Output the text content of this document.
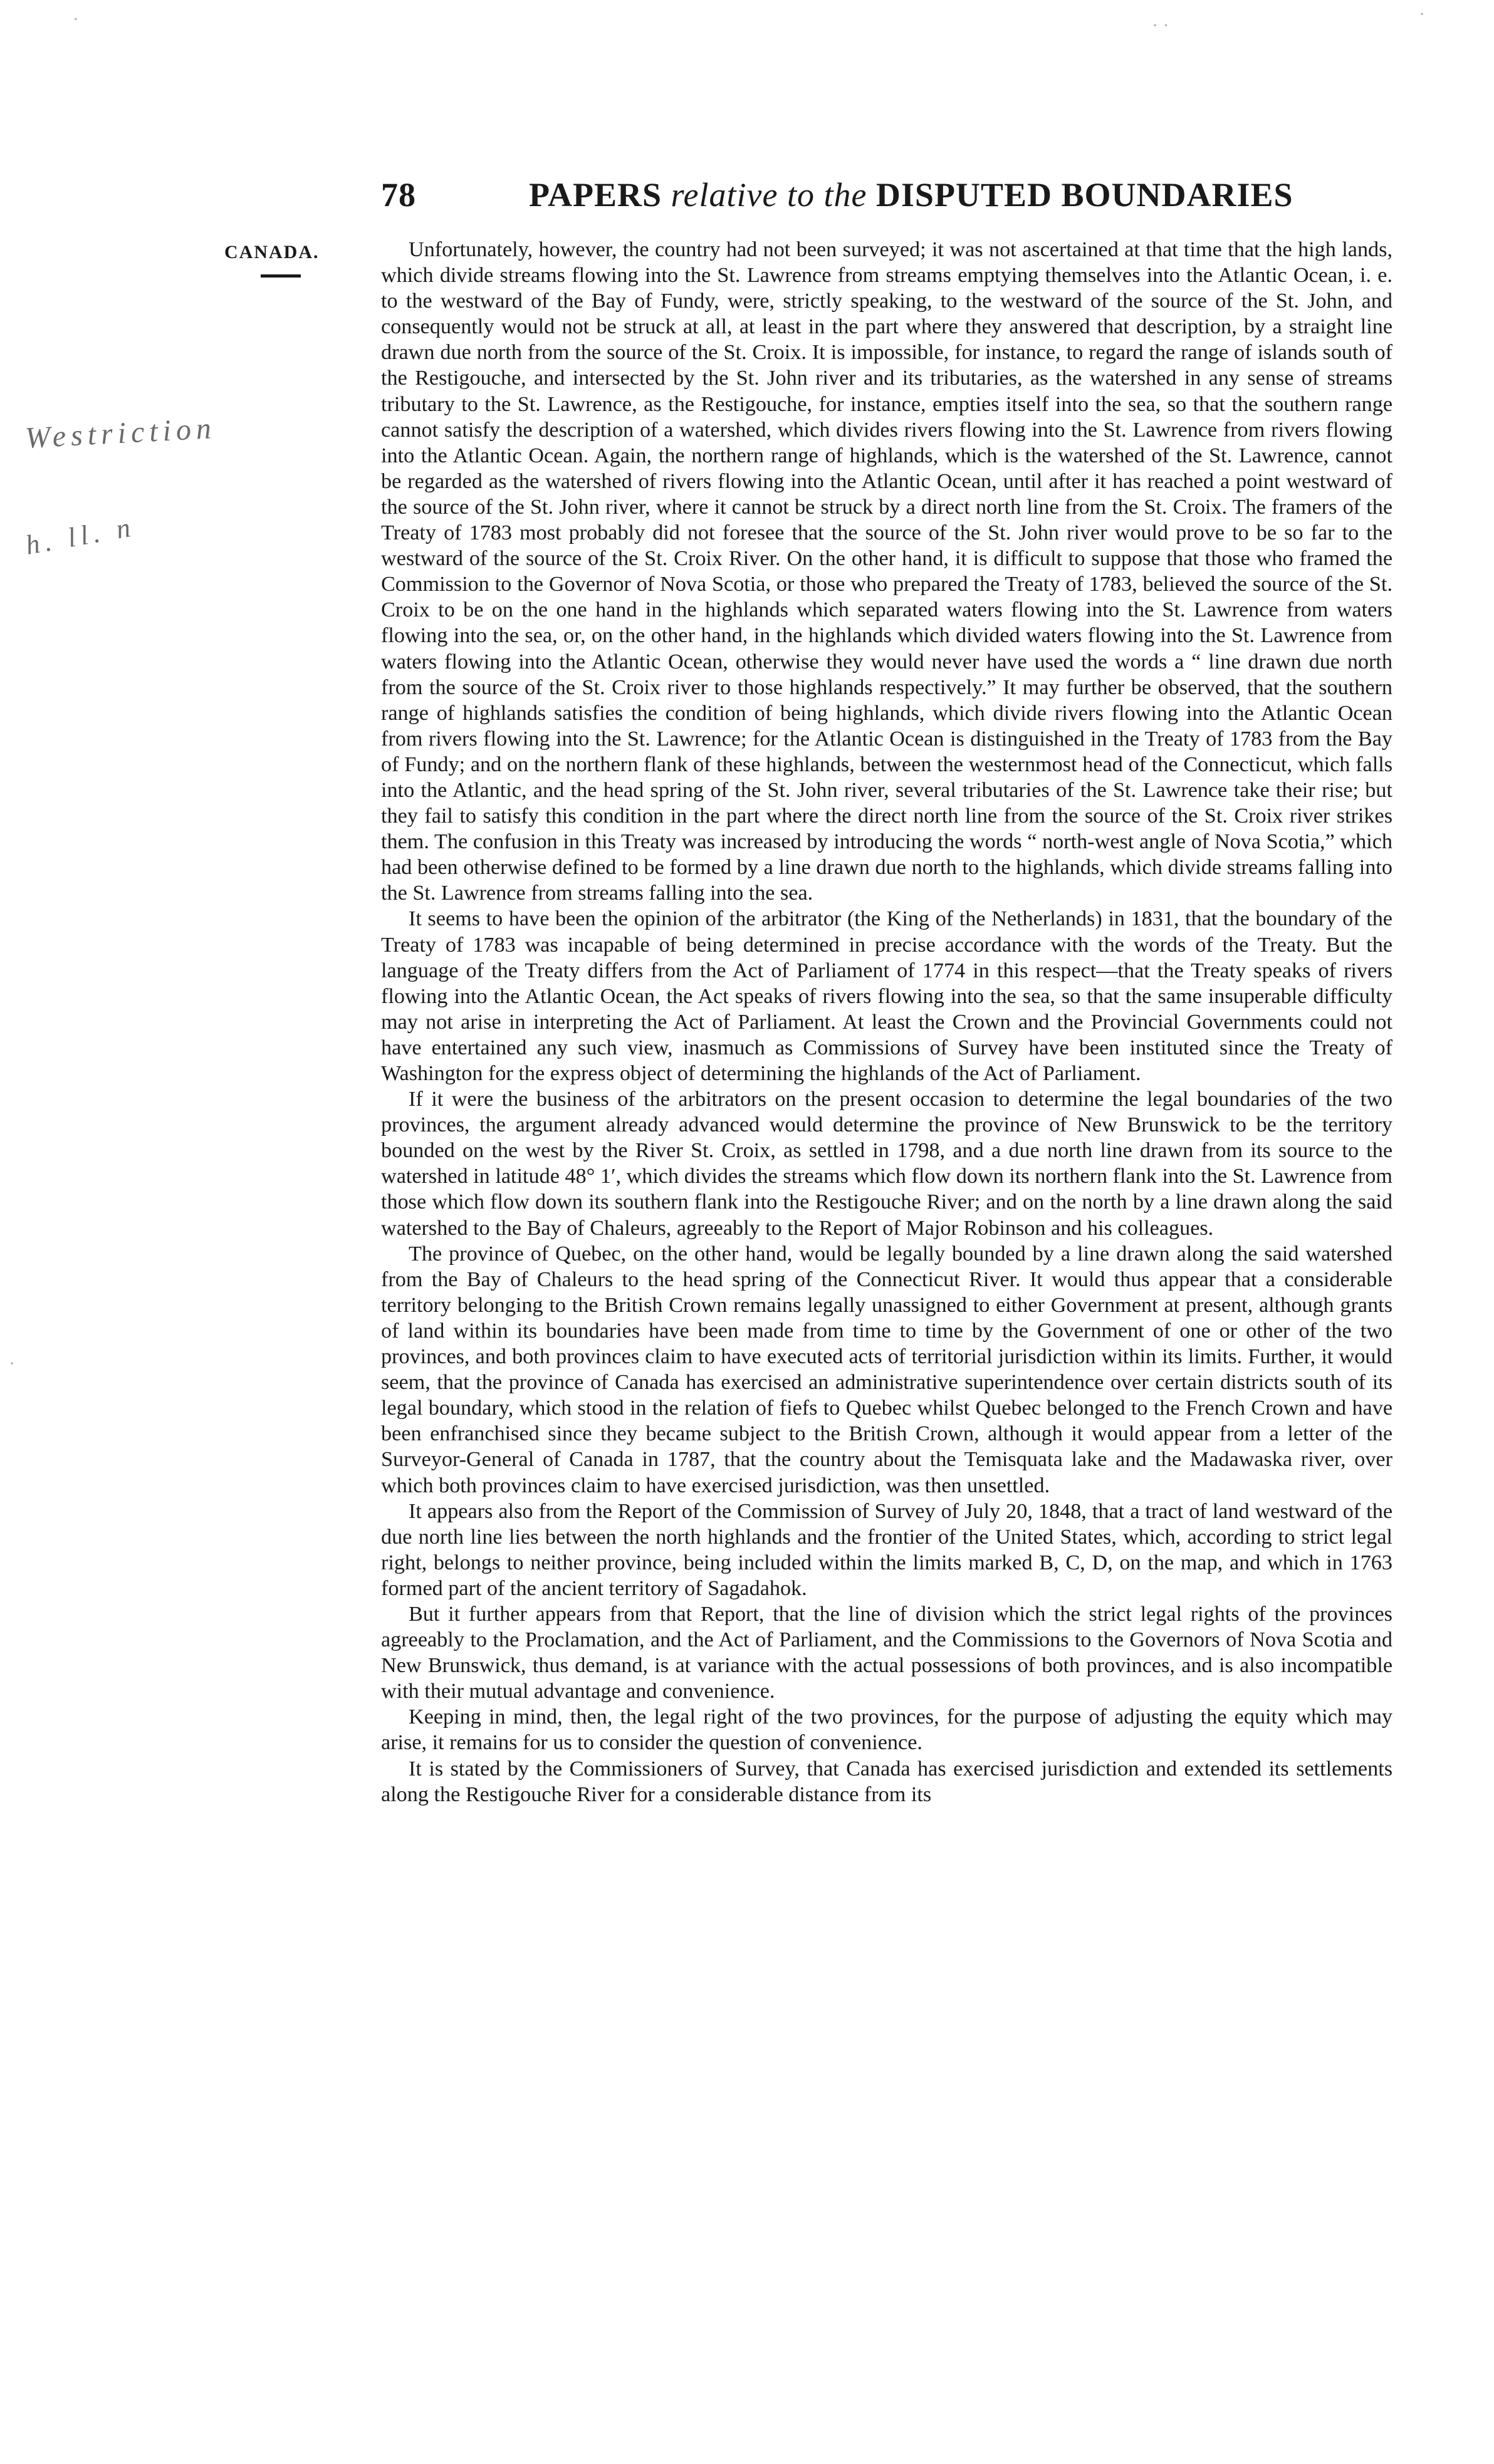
78	PAPERS relative to the DISPUTED BOUNDARIES
CANADA.
Westriction
h. ll. n
·	· ·
·
·

Unfortunately, however, the country had not been surveyed; it was not ascertained at that time that the high lands, which divide streams flowing into the St. Lawrence from streams emptying themselves into the Atlantic Ocean, i. e. to the westward of the Bay of Fundy, were, strictly speaking, to the westward of the source of the St. John, and consequently would not be struck at all, at least in the part where they answered that description, by a straight line drawn due north from the source of the St. Croix. It is impossible, for instance, to regard the range of islands south of the Restigouche, and intersected by the St. John river and its tributaries, as the watershed in any sense of streams tributary to the St. Lawrence, as the Restigouche, for instance, empties itself into the sea, so that the southern range cannot satisfy the description of a watershed, which divides rivers flowing into the St. Lawrence from rivers flowing into the Atlantic Ocean. Again, the northern range of highlands, which is the watershed of the St. Lawrence, cannot be regarded as the watershed of rivers flowing into the Atlantic Ocean, until after it has reached a point westward of the source of the St. John river, where it cannot be struck by a direct north line from the St. Croix. The framers of the Treaty of 1783 most probably did not foresee that the source of the St. John river would prove to be so far to the westward of the source of the St. Croix River. On the other hand, it is difficult to suppose that those who framed the Commission to the Governor of Nova Scotia, or those who prepared the Treaty of 1783, believed the source of the St. Croix to be on the one hand in the highlands which separated waters flowing into the St. Lawrence from waters flowing into the sea, or, on the other hand, in the highlands which divided waters flowing into the St. Lawrence from waters flowing into the Atlantic Ocean, otherwise they would never have used the words a “ line drawn due north from the source of the St. Croix river to those highlands respectively.” It may further be observed, that the southern range of highlands satisfies the condition of being highlands, which divide rivers flowing into the Atlantic Ocean from rivers flowing into the St. Lawrence; for the Atlantic Ocean is distinguished in the Treaty of 1783 from the Bay of Fundy; and on the northern flank of these highlands, between the westernmost head of the Connecticut, which falls into the Atlantic, and the head spring of the St. John river, several tributaries of the St. Lawrence take their rise; but they fail to satisfy this condition in the part where the direct north line from the source of the St. Croix river strikes them. The confusion in this Treaty was increased by introducing the words “ north-west angle of Nova Scotia,” which had been otherwise defined to be formed by a line drawn due north to the highlands, which divide streams falling into the St. Lawrence from streams falling into the sea.

It seems to have been the opinion of the arbitrator (the King of the Netherlands) in 1831, that the boundary of the Treaty of 1783 was incapable of being determined in precise accordance with the words of the Treaty. But the language of the Treaty differs from the Act of Parliament of 1774 in this respect—that the Treaty speaks of rivers flowing into the Atlantic Ocean, the Act speaks of rivers flowing into the sea, so that the same insuperable difficulty may not arise in interpreting the Act of Parliament. At least the Crown and the Provincial Governments could not have entertained any such view, inasmuch as Commissions of Survey have been instituted since the Treaty of Washington for the express object of determining the highlands of the Act of Parliament.

If it were the business of the arbitrators on the present occasion to determine the legal boundaries of the two provinces, the argument already advanced would determine the province of New Brunswick to be the territory bounded on the west by the River St. Croix, as settled in 1798, and a due north line drawn from its source to the watershed in latitude 48° 1′, which divides the streams which flow down its northern flank into the St. Lawrence from those which flow down its southern flank into the Restigouche River; and on the north by a line drawn along the said watershed to the Bay of Chaleurs, agreeably to the Report of Major Robinson and his colleagues.

The province of Quebec, on the other hand, would be legally bounded by a line drawn along the said watershed from the Bay of Chaleurs to the head spring of the Connecticut River. It would thus appear that a considerable territory belonging to the British Crown remains legally unassigned to either Government at present, although grants of land within its boundaries have been made from time to time by the Government of one or other of the two provinces, and both provinces claim to have executed acts of territorial jurisdiction within its limits. Further, it would seem, that the province of Canada has exercised an administrative superintendence over certain districts south of its legal boundary, which stood in the relation of fiefs to Quebec whilst Quebec belonged to the French Crown and have been enfranchised since they became subject to the British Crown, although it would appear from a letter of the Surveyor-General of Canada in 1787, that the country about the Temisquata lake and the Madawaska river, over which both provinces claim to have exercised jurisdiction, was then unsettled.

It appears also from the Report of the Commission of Survey of July 20, 1848, that a tract of land westward of the due north line lies between the north highlands and the frontier of the United States, which, according to strict legal right, belongs to neither province, being included within the limits marked B, C, D, on the map, and which in 1763 formed part of the ancient territory of Sagadahok.

But it further appears from that Report, that the line of division which the strict legal rights of the provinces agreeably to the Proclamation, and the Act of Parliament, and the Commissions to the Governors of Nova Scotia and New Brunswick, thus demand, is at variance with the actual possessions of both provinces, and is also incompatible with their mutual advantage and convenience.

Keeping in mind, then, the legal right of the two provinces, for the purpose of adjusting the equity which may arise, it remains for us to consider the question of convenience.

It is stated by the Commissioners of Survey, that Canada has exercised jurisdiction and extended its settlements along the Restigouche River for a considerable distance from its
